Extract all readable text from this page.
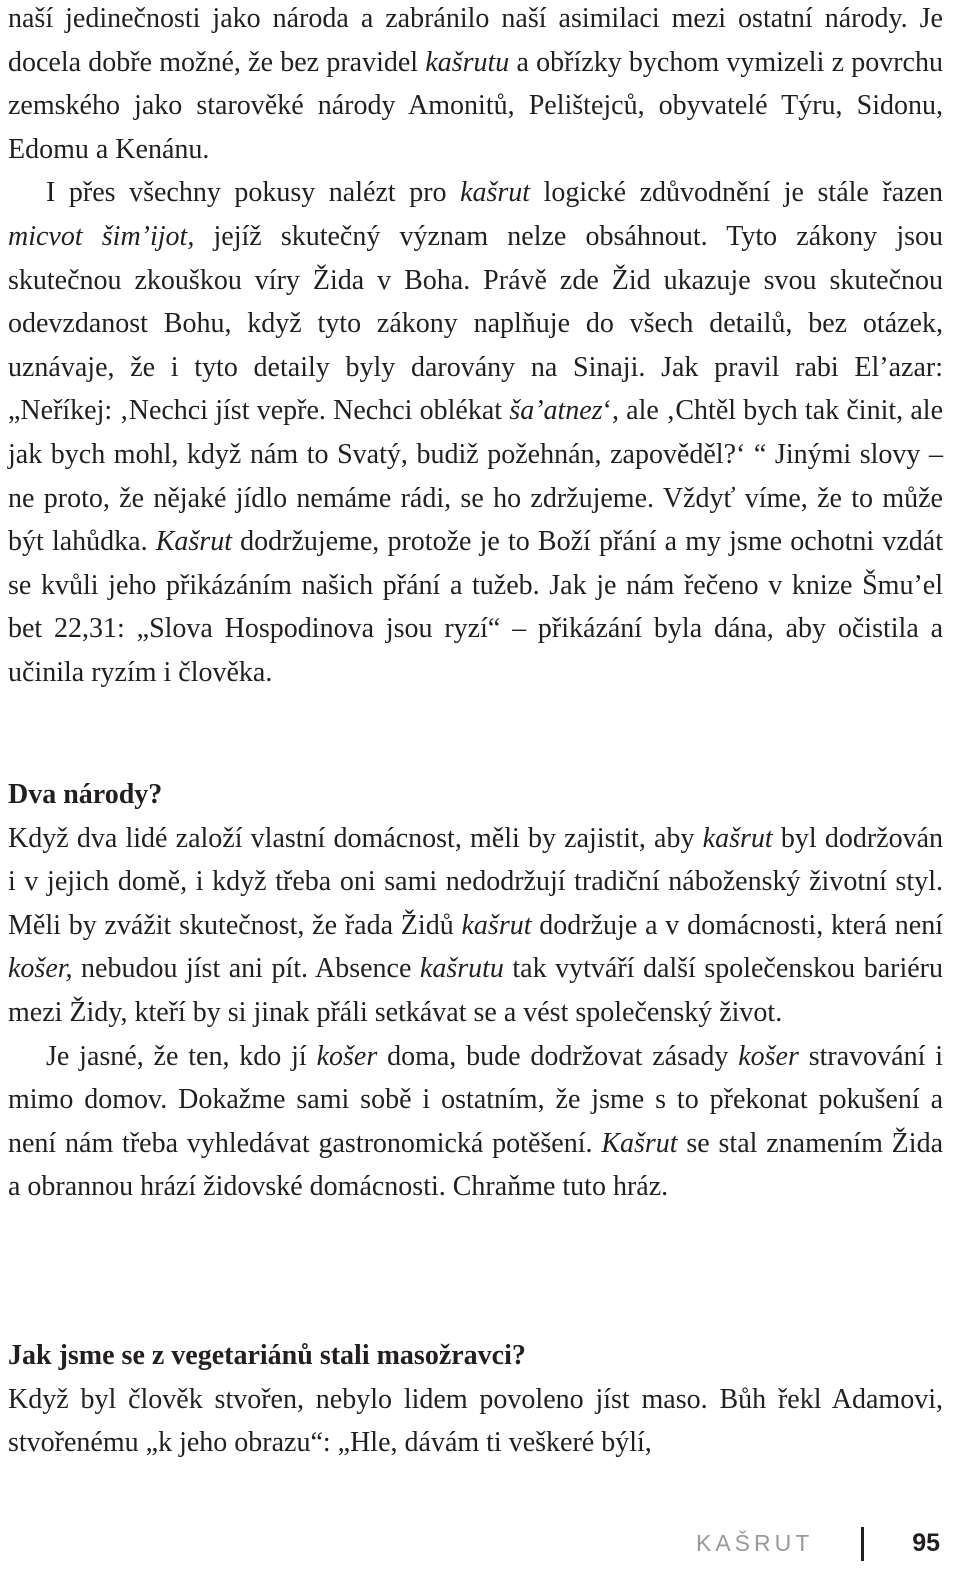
naší jedinečnosti jako národa a zabránilo naší asimilaci mezi ostatní národy. Je docela dobře možné, že bez pravidel kašrutu a obřízky bychom vymizeli z povrchu zemského jako starověké národy Amonitů, Pelištejců, obyvatelé Týru, Sidonu, Edomu a Kenánu.

I přes všechny pokusy nalézt pro kašrut logické zdůvodnění je stále řazen micvot šim’ijot, jejíž skutečný význam nelze obsáhnout. Tyto zákony jsou skutečnou zkouškou víry Žida v Boha. Právě zde Žid ukazuje svou skutečnou odevzdanost Bohu, když tyto zákony naplňuje do všech detailů, bez otázek, uznávaje, že i tyto detaily byly darovány na Sinaji. Jak pravil rabi El’azar: „Neříkej: ‚Nechci jíst vepře. Nechci oblékat ša’atnez‘, ale ‚Chtěl bych tak činit, ale jak bych mohl, když nám to Svatý, budiž požehnán, zapověděl?‘ “ Jinými slovy – ne proto, že nějaké jídlo nemáme rádi, se ho zdržujeme. Vždyť víme, že to může být lahůdka. Kašrut dodržujeme, protože je to Boží přání a my jsme ochotni vzdát se kvůli jeho přikázáním našich přání a tužeb. Jak je nám řečeno v knize Šmu’el bet 22,31: „Slova Hospodinova jsou ryzí“ – přikázání byla dána, aby očistila a učinila ryzím i člověka.

Dva národy?

Když dva lidé založí vlastní domácnost, měli by zajistit, aby kašrut byl dodržován i v jejich domě, i když třeba oni sami nedodržují tradiční náboženský životní styl. Měli by zvážit skutečnost, že řada Židů kašrut dodržuje a v domácnosti, která není košer, nebudou jíst ani pít. Absence kašrutu tak vytváří další společenskou bariéru mezi Židy, kteří by si jinak přáli setkávat se a vést společenský život.

Je jasné, že ten, kdo jí košer doma, bude dodržovat zásady košer stravování i mimo domov. Dokažme sami sobě i ostatním, že jsme s to překonat pokušení a není nám třeba vyhledávat gastronomická potěšení. Kašrut se stal znamením Žida a obrannou hrází židovské domácnosti. Chraňme tuto hráz.

Jak jsme se z vegetariánů stali masožravci?

Když byl člověk stvořen, nebylo lidem povoleno jíst maso. Bůh řekl Adamovi, stvořenému „k jeho obrazu“: „Hle, dávám ti veškeré býlí,

KAŠRUT	95
